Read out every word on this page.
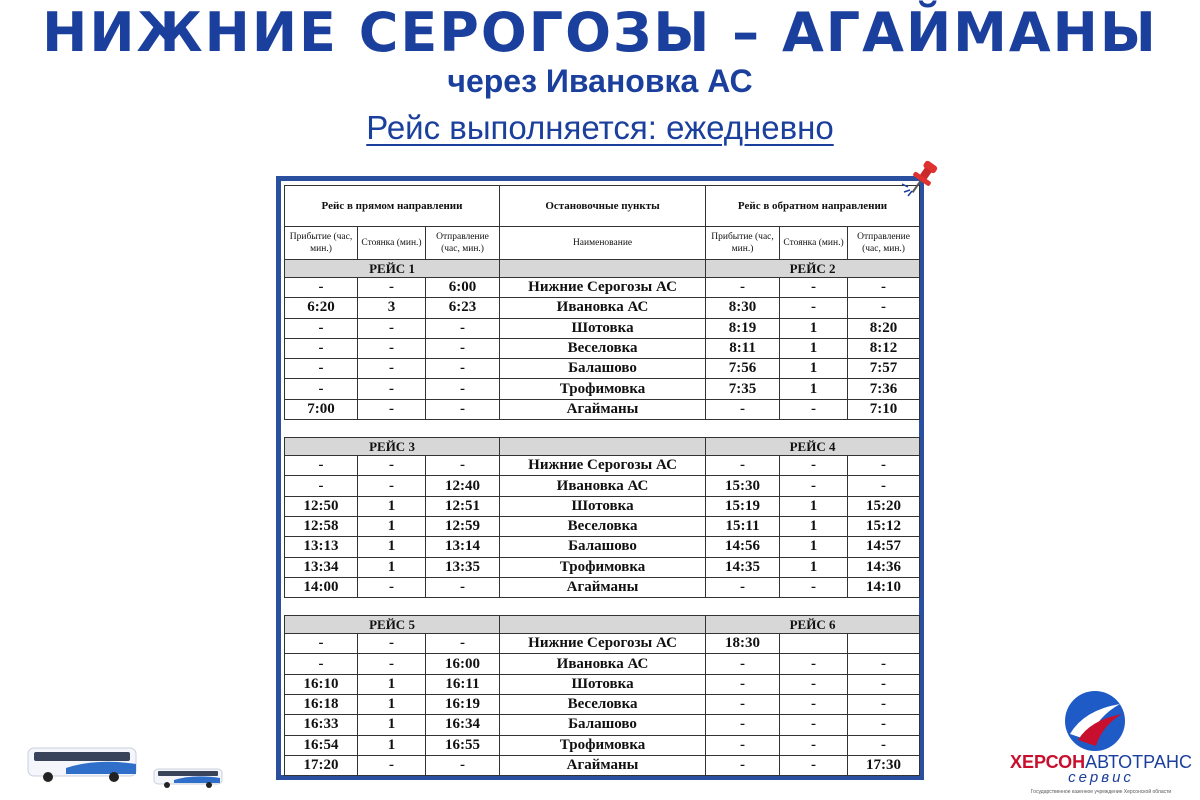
НИЖНИЕ СЕРОГОЗЫ – АГАЙМАНЫ
через Ивановка АС
Рейс выполняется: ежедневно
Рейс в прямом направлении			Остановочные пункты	Рейс в обратном направлении		
Прибытие (час, мин.)	Стоянка (мин.)	Отправление (час, мин.)	Наименование	Прибытие (час, мин.)	Стоянка (мин.)	Отправление (час, мин.)
РЕЙС 1				РЕЙС 2		
-	-	6:00	Нижние Серогозы АС	-	-	-
6:20	3	6:23	Ивановка АС	8:30	-	-
-	-	-	Шотовка	8:19	1	8:20
-	-	-	Веселовка	8:11	1	8:12
-	-	-	Балашово	7:56	1	7:57
-	-	-	Трофимовка	7:35	1	7:36
7:00	-	-	Агайманы	-	-	7:10

РЕЙС 3				РЕЙС 4		
-	-	-	Нижние Серогозы АС	-	-	-
-	-	12:40	Ивановка АС	15:30	-	-
12:50	1	12:51	Шотовка	15:19	1	15:20
12:58	1	12:59	Веселовка	15:11	1	15:12
13:13	1	13:14	Балашово	14:56	1	14:57
13:34	1	13:35	Трофимовка	14:35	1	14:36
14:00	-	-	Агайманы	-	-	14:10

РЕЙС 5				РЕЙС 6		
-	-	-	Нижние Серогозы АС	18:30		
-	-	16:00	Ивановка АС	-	-	-
16:10	1	16:11	Шотовка	-	-	-
16:18	1	16:19	Веселовка	-	-	-
16:33	1	16:34	Балашово	-	-	-
16:54	1	16:55	Трофимовка	-	-	-
17:20	-	-	Агайманы	-	-	17:30	ХЕРСОНАВТОТРАНС
сервис
Государственное казенное учреждение Херсонской области
